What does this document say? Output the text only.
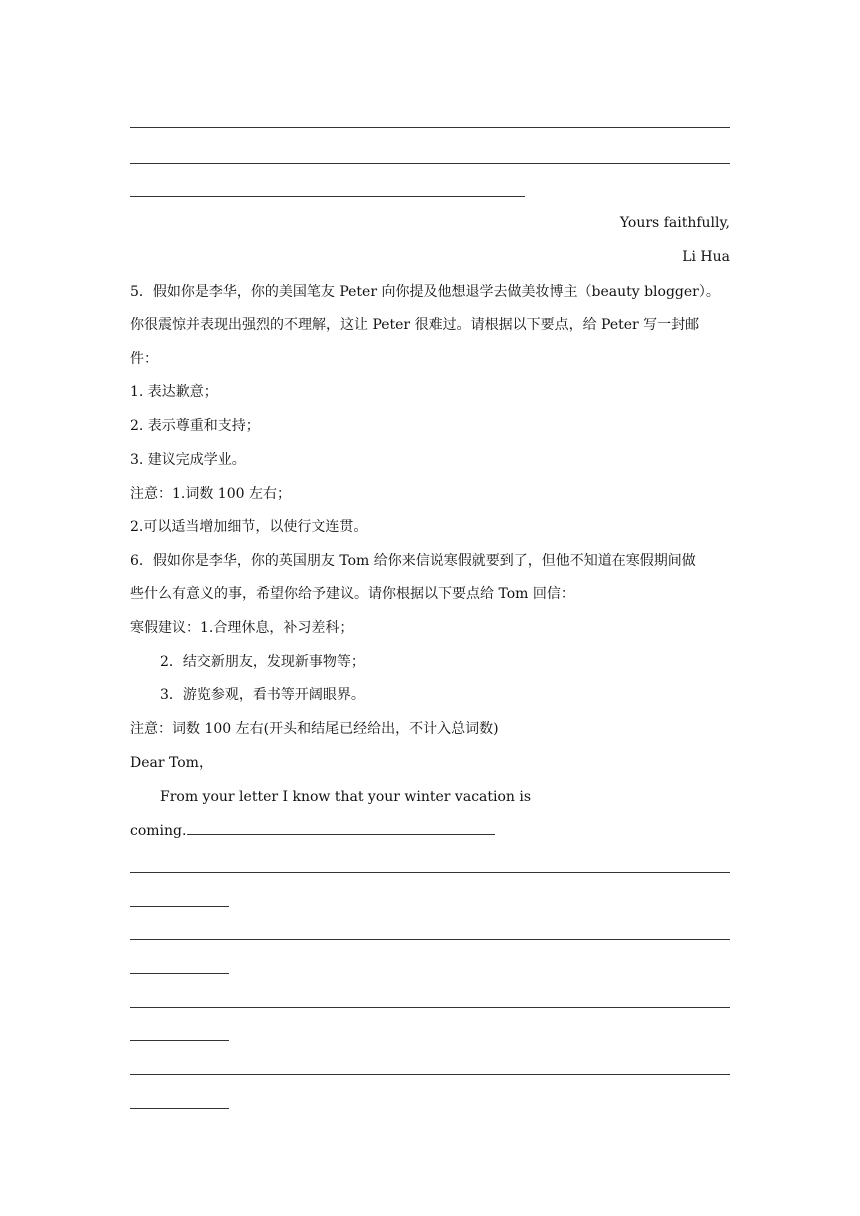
Yours faithfully,
Li Hua
5．假如你是李华，你的美国笔友 Peter 向你提及他想退学去做美妆博主（beauty blogger）。
你很震惊并表现出强烈的不理解，这让 Peter 很难过。请根据以下要点，给 Peter 写一封邮
件：
1. 表达歉意；
2. 表示尊重和支持；
3. 建议完成学业。
注意：1.词数 100 左右；
2.可以适当增加细节，以使行文连贯。
6．假如你是李华，你的英国朋友 Tom 给你来信说寒假就要到了，但他不知道在寒假期间做
些什么有意义的事，希望你给予建议。请你根据以下要点给 Tom 回信：
寒假建议：1.合理休息，补习差科；
2．结交新朋友，发现新事物等；
3．游览参观，看书等开阔眼界。
注意：词数 100 左右(开头和结尾已经给出，不计入总词数)
Dear Tom，
From your letter I know that your winter vacation is
coming.
